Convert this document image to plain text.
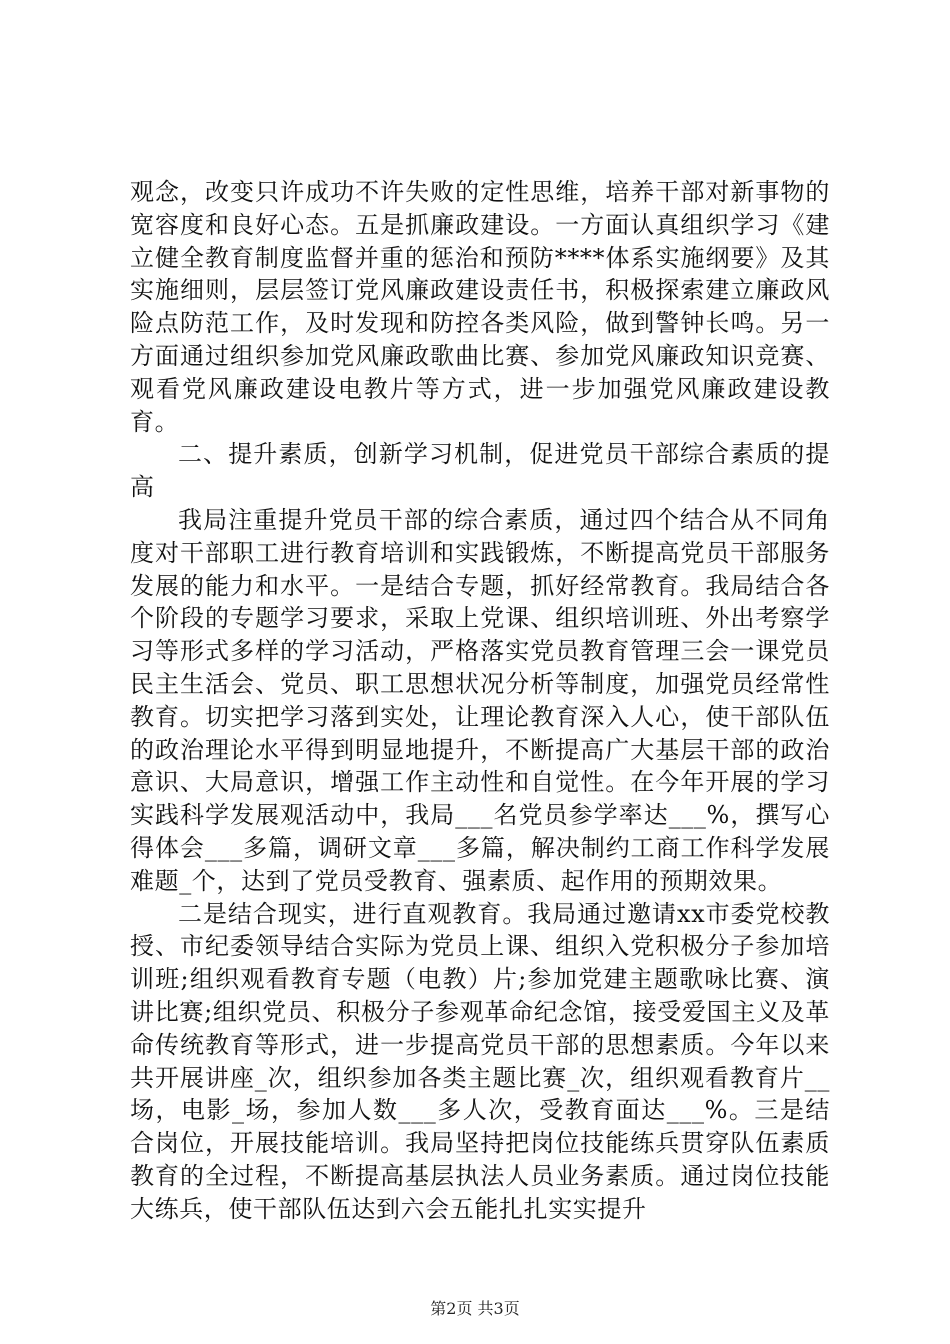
观念，改变只许成功不许失败的定性思维，培养干部对新事物的宽容度和良好心态。五是抓廉政建设。一方面认真组织学习《建立健全教育制度监督并重的惩治和预防****体系实施纲要》及其实施细则，层层签订党风廉政建设责任书，积极探索建立廉政风险点防范工作，及时发现和防控各类风险，做到警钟长鸣。另一方面通过组织参加党风廉政歌曲比赛、参加党风廉政知识竞赛、观看党风廉政建设电教片等方式，进一步加强党风廉政建设教育。

二、提升素质，创新学习机制，促进党员干部综合素质的提高

我局注重提升党员干部的综合素质，通过四个结合从不同角度对干部职工进行教育培训和实践锻炼，不断提高党员干部服务发展的能力和水平。一是结合专题，抓好经常教育。我局结合各个阶段的专题学习要求，采取上党课、组织培训班、外出考察学习等形式多样的学习活动，严格落实党员教育管理三会一课党员民主生活会、党员、职工思想状况分析等制度，加强党员经常性教育。切实把学习落到实处，让理论教育深入人心，使干部队伍的政治理论水平得到明显地提升，不断提高广大基层干部的政治意识、大局意识，增强工作主动性和自觉性。在今年开展的学习实践科学发展观活动中，我局___名党员参学率达___%，撰写心得体会___多篇，调研文章___多篇，解决制约工商工作科学发展难题_个，达到了党员受教育、强素质、起作用的预期效果。

二是结合现实，进行直观教育。我局通过邀请xx市委党校教授、市纪委领导结合实际为党员上课、组织入党积极分子参加培训班;组织观看教育专题（电教）片;参加党建主题歌咏比赛、演讲比赛;组织党员、积极分子参观革命纪念馆，接受爱国主义及革命传统教育等形式，进一步提高党员干部的思想素质。今年以来共开展讲座_次，组织参加各类主题比赛_次，组织观看教育片__场，电影_场，参加人数___多人次，受教育面达___%。三是结合岗位，开展技能培训。我局坚持把岗位技能练兵贯穿队伍素质教育的全过程，不断提高基层执法人员业务素质。通过岗位技能大练兵，使干部队伍达到六会五能扎扎实实提升

第2页 共3页
